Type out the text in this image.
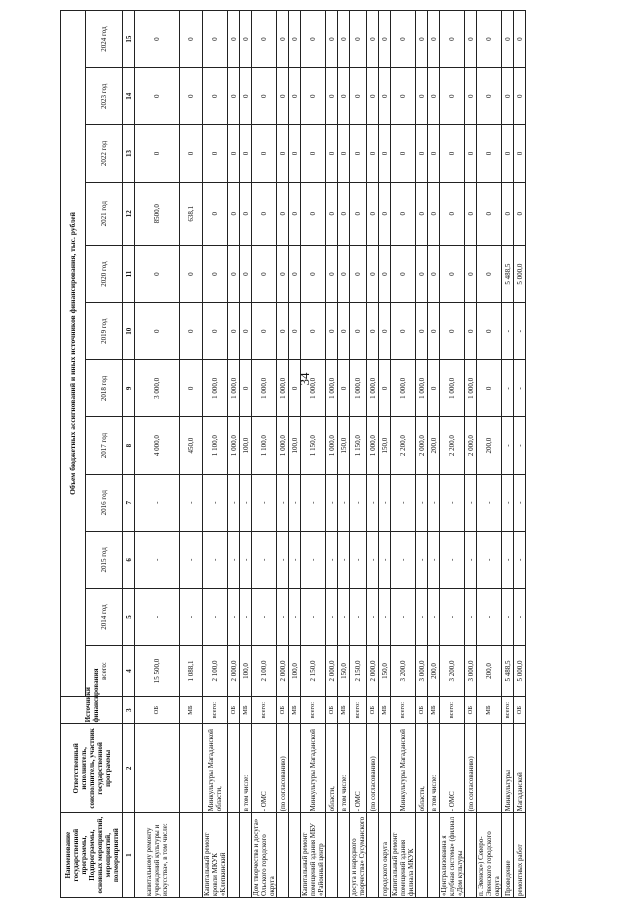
34
Наименование государственной программы, Подпрограммы, основных мероприятий, мероприятий, полмероприятий	Ответственный исполнитель, соисполнитель, участник государственной программы	Источники финансирования	Объем бюджетных ассигнований и иных источников финансирования, тыс. рублей											
			всего:	2014 год	2015 год	2016 год	2017 год	2018 год	2019 год	2020 год	2021 год	2022 год	2023 год	2024 год
1	2	3	4	5	6	7	8	9	10	11	12	13	14	15
капитальному ремонту учреждений культуры и искусства», в том числе:		ОБ	15 500,0	-	-	-	4 000,0	3 000,0	0	0	8500,0	0	0	0
		МБ	1 088,1	-	-	-	450,0	0	0	0	638,1	0	0	0
Капитальный ремонт кровли МКУК «Клепкинский	Минкультуры Магаданской области,	всего:	2 100,0	-	-	-	1 100,0	1 000,0	0	0	0	0	0	0
		ОБ	2 000,0	-	-	-	1 000,0	1 000,0	0	0	0	0	0	0
	в том числе:	МБ	100,0	-	-	-	100,0	0	0	0	0	0	0	0
Дом творчества и досуга» Ольского городского округа	- ОМС	всего:	2 100,0	-	-	-	1 100,0	1 000,0	0	0	0	0	0	0
	(по согласованию)	ОБ	2 000,0	-	-	-	1 000,0	1 000,0	0	0	0	0	0	0
		МБ	100,0	-	-	-	100,0	0	0	0	0	0	0	0
Капитальный ремонт помещений здания МБУ «Районный центр	Минкультуры Магаданской	всего:	2 150,0	-	-	-	1 150,0	1 000,0	0	0	0	0	0	0
	области,	ОБ	2 000,0	-	-	-	1 000,0	1 000,0	0	0	0	0	0	0
	в том числе:	МБ	150,0	-	-	-	150,0	0	0	0	0	0	0	0
досуга и народного творчества» Сусуманского	- ОМС	всего:	2 150,0	-	-	-	1 150,0	1 000,0	0	0	0	0	0	0
	(по согласованию)	ОБ	2 000,0	-	-	-	1 000,0	1 000,0	0	0	0	0	0	0
городского округа		МБ	150,0	-	-	-	150,0	0	0	0	0	0	0	0
Капитальный ремонт помещений здания филиала МКУК	Минкультуры Магаданской	всего:	3 200,0	-	-	-	2 200,0	1 000,0	0	0	0	0	0	0
	области,	ОБ	3 000,0	-	-	-	2 000,0	1 000,0	0	0	0	0	0	0
	в том числе:	МБ	200,0	-	-	-	200,0	0	0	0	0	0	0	0
«Централизованна я клубная система» (филиал «Дом культуры	- ОМС	всего:	3 200,0	-	-	-	2 200,0	1 000,0	0	0	0	0	0	0
	(по согласованию)	ОБ	3 000,0	-	-	-	2 000,0	1 000,0	0	0	0	0	0	0
п. Эвенск») Северо-Эвенского городского округа		МБ	200,0	-	-	-	200,0	0	0	0	0	0	0	0
Проведение	Минкультуры	всего:	5 488,5	-	-	-	-	-	-	5 488,5	0	0	0	0
ремонтных работ	Магаданской	ОБ	5 000,0	-	-	-	-	-	-	5 000,0	0	0	0	0
